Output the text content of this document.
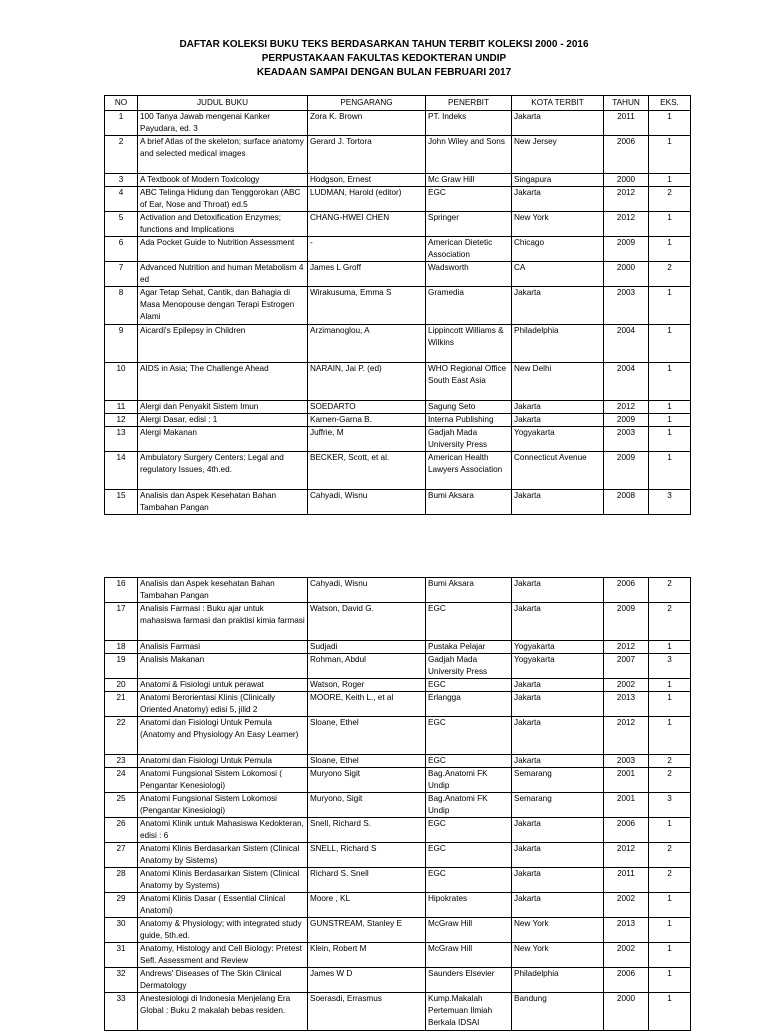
DAFTAR KOLEKSI BUKU TEKS BERDASARKAN TAHUN TERBIT KOLEKSI 2000 - 2016
PERPUSTAKAAN FAKULTAS KEDOKTERAN UNDIP
KEADAAN SAMPAI DENGAN BULAN FEBRUARI 2017
NO	JUDUL BUKU	PENGARANG	PENERBIT	KOTA TERBIT	TAHUN	EKS.
1	100 Tanya Jawab mengenai Kanker Payudara, ed. 3	Zora K. Brown	PT. Indeks	Jakarta	2011	1
2	A brief Atlas of the skeleton; surface anatomy and selected medical images	Gerard J. Tortora	John Wiley and Sons	New Jersey	2006	1
3	A Textbook of Modern Toxicology	Hodgson, Ernest	Mc Graw Hill	Singapura	2000	1
4	ABC Telinga Hidung dan Tenggorokan (ABC of Ear, Nose and Throat) ed.5	LUDMAN, Harold (editor)	EGC	Jakarta	2012	2
5	Activation and Detoxification Enzymes; functions and Implications	CHANG-HWEI CHEN	Springer	New York	2012	1
6	Ada Pocket Guide to Nutrition Assessment	-	American Dietetic Association	Chicago	2009	1
7	Advanced Nutrition and human Metabolism 4 ed	James L Groff	Wadsworth	CA	2000	2
8	Agar Tetap Sehat, Cantik, dan Bahagia di Masa Menopouse dengan Terapi Estrogen Alami	Wirakusuma, Emma S	Gramedia	Jakarta	2003	1
9	Aicardi's Epilepsy in Children	Arzimanoglou, A	Lippincott Williams & Wilkins	Philadelphia	2004	1
10	AIDS in Asia; The Challenge Ahead	NARAIN, Jai P. (ed)	WHO Regional Office South East Asia	New Delhi	2004	1
11	Alergi dan Penyakit Sistem Imun	SOEDARTO	Sagung Seto	Jakarta	2012	1
12	Alergi Dasar, edisi : 1	Karnen-Garna B.	Interna Publishing	Jakarta	2009	1
13	Alergi Makanan	Juffrie, M	Gadjah Mada University Press	Yogyakarta	2003	1
14	Ambulatory Surgery Centers: Legal and regulatory Issues, 4th.ed.	BECKER, Scott, et al.	American Health Lawyers Association	Connecticut Avenue	2009	1
15	Analisis dan Aspek Kesehatan Bahan Tambahan Pangan	Cahyadi, Wisnu	Bumi Aksara	Jakarta	2008	3
16	Analisis dan Aspek kesehatan Bahan Tambahan Pangan	Cahyadi, Wisnu	Bumi Aksara	Jakarta	2006	2
17	Analisis Farmasi : Buku ajar untuk mahasiswa farmasi dan praktisi kimia farmasi	Watson, David G.	EGC	Jakarta	2009	2
18	Analisis Farmasi	Sudjadi	Pustaka Pelajar	Yogyakarta	2012	1
19	Analisis Makanan	Rohman, Abdul	Gadjah Mada University Press	Yogyakarta	2007	3
20	Anatomi & Fisiologi untuk perawat	Watson, Roger	EGC	Jakarta	2002	1
21	Anatomi Berorientasi Klinis (Clinically Oriented Anatomy) edisi 5, jilid 2	MOORE, Keith L., et al	Erlangga	Jakarta	2013	1
22	Anatomi dan Fisiologi Untuk Pemula (Anatomy and Physiology An Easy Learner)	Sloane, Ethel	EGC	Jakarta	2012	1
23	Anatomi dan Fisiologi Untuk Pemula	Sloane, Ethel	EGC	Jakarta	2003	2
24	Anatomi Fungsional Sistem Lokomosi ( Pengantar Kenesiologi)	Muryono Sigit	Bag.Anatomi FK Undip	Semarang	2001	2
25	Anatomi Fungsional Sistem Lokomosi (Pengantar Kinesiologi)	Muryono, Sigit	Bag.Anatomi FK Undip	Semarang	2001	3
26	Anatomi Klinik untuk Mahasiswa Kedokteran, edisi : 6	Snell, Richard S.	EGC	Jakarta	2006	1
27	Anatomi Klinis Berdasarkan Sistem (Clinical Anatomy by Sistems)	SNELL, Richard S	EGC	Jakarta	2012	2
28	Anatomi Klinis Berdasarkan Sistem (Clinical Anatomy by Systems)	Richard S. Snell	EGC	Jakarta	2011	2
29	Anatomi Klinis Dasar ( Essential Clinical Anatomi)	Moore , KL	Hipokrates	Jakarta	2002	1
30	Anatomy & Physiology; with integrated study guide, 5th.ed.	GUNSTREAM, Stanley E	McGraw Hill	New York	2013	1
31	Anatomy, Histology and Cell Biology: Pretest Sefl. Assessment and Review	Klein, Robert M	McGraw Hill	New York	2002	1
32	Andrews' Diseases of The Skin Clinical Dermatology	James W D	Saunders Elsevier	Philadelphia	2006	1
33	Anestesiologi di Indonesia Menjelang Era Global : Buku 2 makalah bebas residen.	Soerasdi, Errasmus	Kump.Makalah Pertemuan Ilmiah Berkala IDSAI	Bandung	2000	1
